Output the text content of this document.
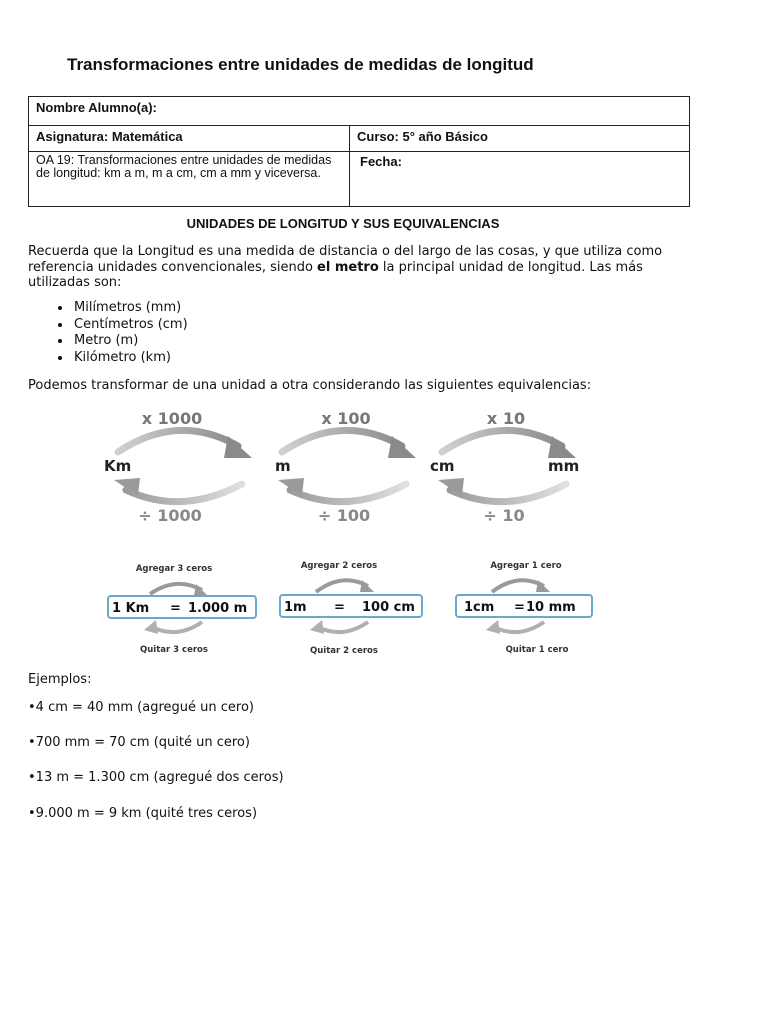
Transformaciones entre unidades de medidas de longitud
Nombre Alumno(a):	
Asignatura: Matemática	Curso: 5° año Básico

OA 19: Transformaciones entre unidades de medidas de longitud: km a m, m a cm, cm a mm y viceversa.	Fecha:
UNIDADES DE LONGITUD Y SUS EQUIVALENCIAS

Recuerda que la Longitud es una medida de distancia o del largo de las cosas, y que utiliza como referencia unidades convencionales, siendo el metro la principal unidad de longitud. Las más utilizadas son:

• Milímetros (mm)
• Centímetros (cm)
• Metro (m)
• Kilómetro (km)

Podemos transformar de una unidad a otra considerando las siguientes equivalencias:

x 1000	x 100	x 10
Km	m	cm	mm
÷ 1000	÷ 100	÷ 10
Agregar 3 ceros	Agregar 2 ceros	Agregar 1 cero
1 Km = 1.000 m	1m = 100 cm	1cm = 10 mm
Quitar 3 ceros	Quitar 2 ceros	Quitar 1 cero

Ejemplos:

•4 cm = 40 mm (agregué un cero)

•700 mm = 70 cm (quité un cero)

•13 m = 1.300 cm (agregué dos ceros)

•9.000 m = 9 km (quité tres ceros)
